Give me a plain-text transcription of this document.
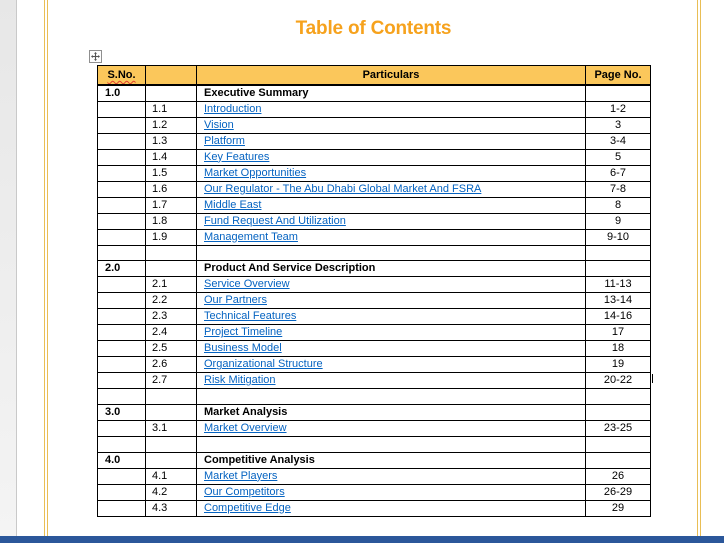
Table of Contents
S.No.		Particulars	Page No.
1.0		Executive Summary	
	1.1	Introduction	1-2
	1.2	Vision	3
	1.3	Platform	3-4
	1.4	Key Features	5
	1.5	Market Opportunities	6-7
	1.6	Our Regulator - The Abu Dhabi Global Market And FSRA	7-8
	1.7	Middle East	8
	1.8	Fund Request And Utilization	9
	1.9	Management Team	9-10

2.0		Product And Service Description	
	2.1	Service Overview	11-13
	2.2	Our Partners	13-14
	2.3	Technical Features	14-16
	2.4	Project Timeline	17
	2.5	Business Model	18
	2.6	Organizational Structure	19
	2.7	Risk Mitigation	20-22

3.0		Market Analysis	
	3.1	Market Overview	23-25

4.0		Competitive Analysis	
	4.1	Market Players	26
	4.2	Our Competitors	26-29
	4.3	Competitive Edge	29
